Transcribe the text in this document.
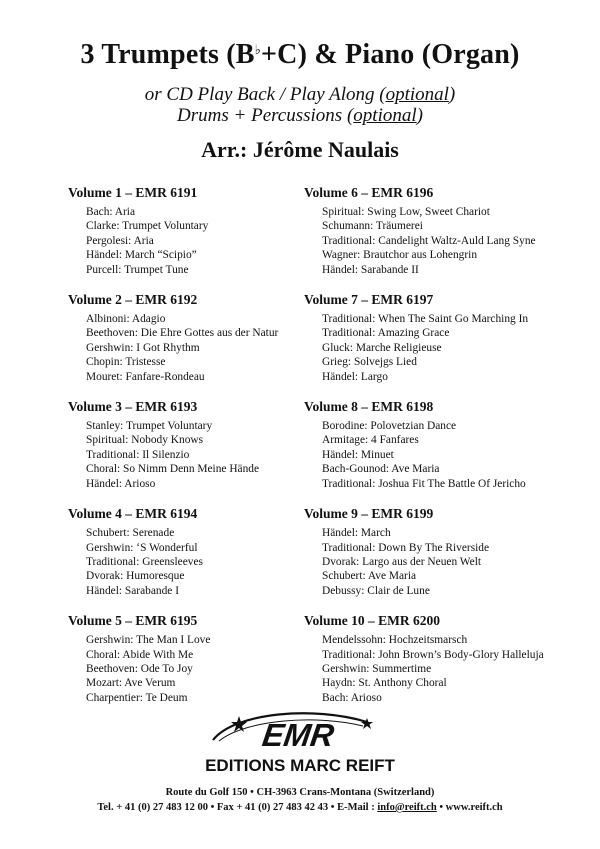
3 Trumpets (B♭+C) & Piano (Organ)
or CD Play Back / Play Along (optional)
Drums + Percussions (optional)
Arr.: Jérôme Naulais
Volume 1 – EMR 6191
Bach: Aria
Clarke: Trumpet Voluntary
Pergolesi: Aria
Händel: March “Scipio”
Purcell: Trumpet Tune
Volume 2 – EMR 6192
Albinoni: Adagio
Beethoven: Die Ehre Gottes aus der Natur
Gershwin: I Got Rhythm
Chopin: Tristesse
Mouret: Fanfare-Rondeau
Volume 3 – EMR 6193
Stanley: Trumpet Voluntary
Spiritual: Nobody Knows
Traditional: Il Silenzio
Choral: So Nimm Denn Meine Hände
Händel: Arioso
Volume 4 – EMR 6194
Schubert: Serenade
Gershwin: ‘S Wonderful
Traditional: Greensleeves
Dvorak: Humoresque
Händel: Sarabande I
Volume 5 – EMR 6195
Gershwin: The Man I Love
Choral: Abide With Me
Beethoven: Ode To Joy
Mozart: Ave Verum
Charpentier: Te Deum
Volume 6 – EMR 6196
Spiritual: Swing Low, Sweet Chariot
Schumann: Träumerei
Traditional: Candelight Waltz-Auld Lang Syne
Wagner: Brautchor aus Lohengrin
Händel: Sarabande II
Volume 7 – EMR 6197
Traditional: When The Saint Go Marching In
Traditional: Amazing Grace
Gluck: Marche Religieuse
Grieg: Solvejgs Lied
Händel: Largo
Volume 8 – EMR 6198
Borodine: Polovetzian Dance
Armitage: 4 Fanfares
Händel: Minuet
Bach-Gounod: Ave Maria
Traditional: Joshua Fit The Battle Of Jericho
Volume 9 – EMR 6199
Händel: March
Traditional: Down By The Riverside
Dvorak: Largo aus der Neuen Welt
Schubert: Ave Maria
Debussy: Clair de Lune
Volume 10 – EMR 6200
Mendelssohn: Hochzeitsmarsch
Traditional: John Brown’s Body-Glory Halleluja
Gershwin: Summertime
Haydn: St. Anthony Choral
Bach: Arioso
EMR
EDITIONS MARC REIFT
Route du Golf 150 • CH-3963 Crans-Montana (Switzerland)
Tel. + 41 (0) 27 483 12 00 • Fax + 41 (0) 27 483 42 43 • E-Mail : info@reift.ch • www.reift.ch
